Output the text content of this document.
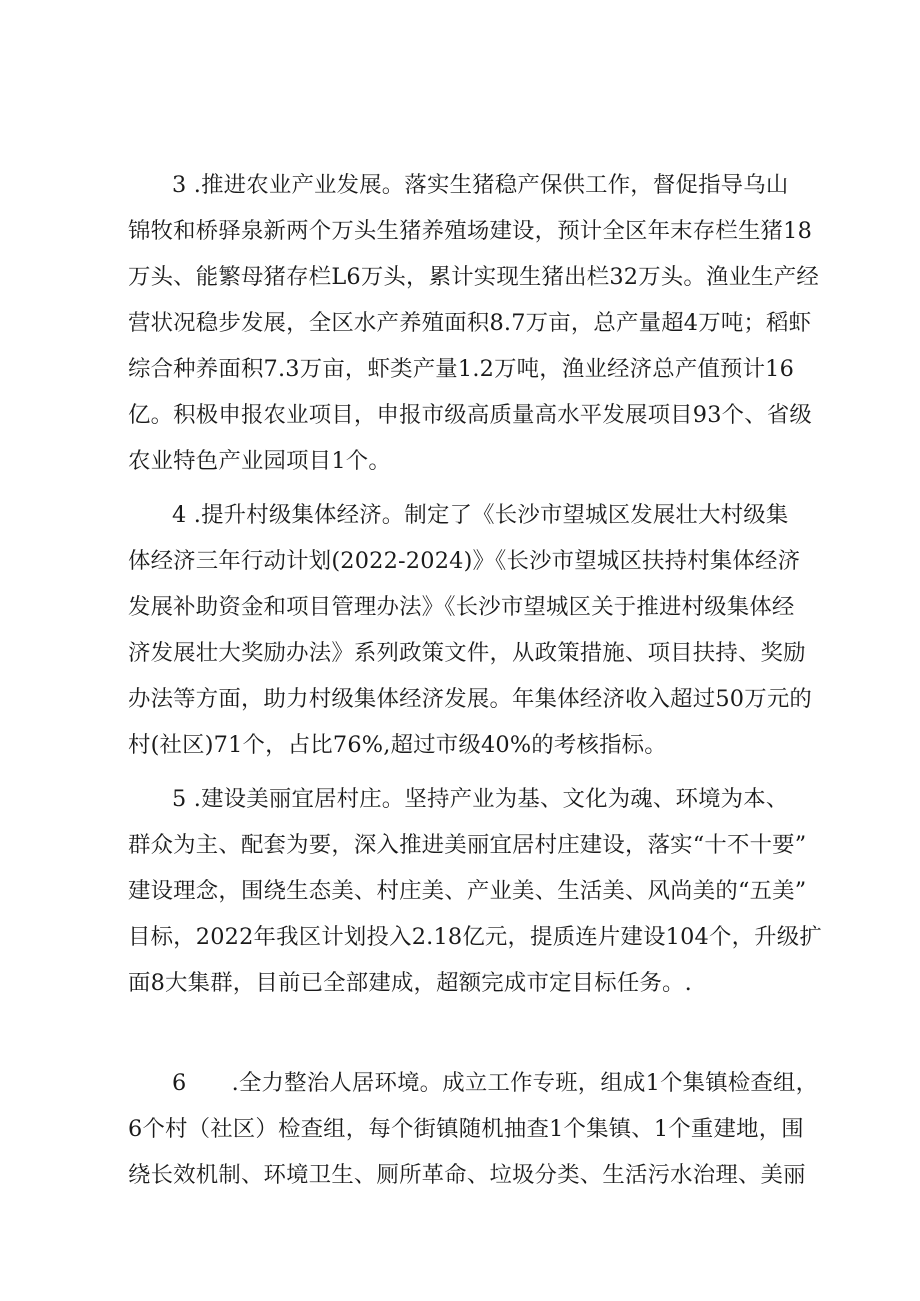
3 .推进农业产业发展。落实生猪稳产保供工作，督促指导乌山
锦牧和桥驿泉新两个万头生猪养殖场建设，预计全区年末存栏生猪18
万头、能繁母猪存栏L6万头，累计实现生猪出栏32万头。渔业生产经
营状况稳步发展，全区水产养殖面积8.7万亩，总产量超4万吨；稻虾
综合种养面积7.3万亩，虾类产量1.2万吨，渔业经济总产值预计16
亿。积极申报农业项目，申报市级高质量高水平发展项目93个、省级
农业特色产业园项目1个。
4 .提升村级集体经济。制定了《长沙市望城区发展壮大村级集
体经济三年行动计划(2022-2024)》《长沙市望城区扶持村集体经济
发展补助资金和项目管理办法》《长沙市望城区关于推进村级集体经
济发展壮大奖励办法》系列政策文件，从政策措施、项目扶持、奖励
办法等方面，助力村级集体经济发展。年集体经济收入超过50万元的
村(社区)71个，占比76%,超过市级40%的考核指标。
5 .建设美丽宜居村庄。坚持产业为基、文化为魂、环境为本、
群众为主、配套为要，深入推进美丽宜居村庄建设，落实“十不十要”
建设理念，围绕生态美、村庄美、产业美、生活美、风尚美的“五美”
目标，2022年我区计划投入2.18亿元，提质连片建设104个，升级扩
面8大集群，目前已全部建成，超额完成市定目标任务。.
6　　.全力整治人居环境。成立工作专班，组成1个集镇检查组，
6个村（社区）检查组，每个街镇随机抽查1个集镇、1个重建地，围
绕长效机制、环境卫生、厕所革命、垃圾分类、生活污水治理、美丽
